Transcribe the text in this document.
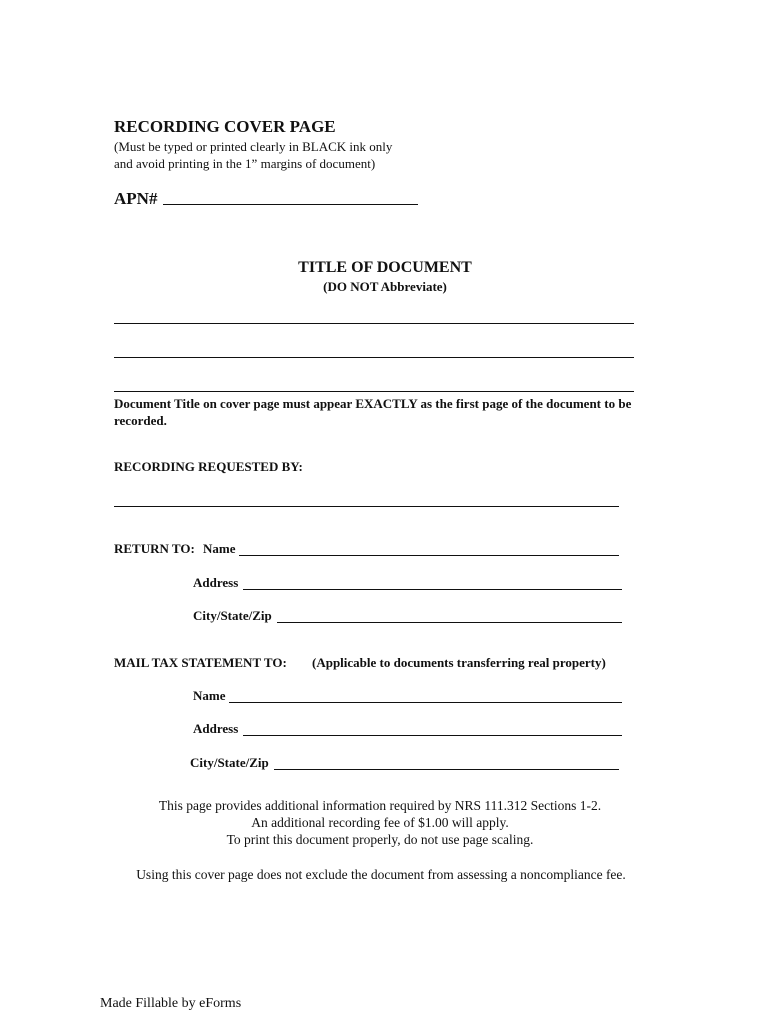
RECORDING COVER PAGE
(Must be typed or printed clearly in BLACK ink only
and avoid printing in the 1” margins of document)
APN#
TITLE OF DOCUMENT
(DO NOT Abbreviate)
Document Title on cover page must appear EXACTLY as the first page of the document to be recorded.
RECORDING REQUESTED BY:
RETURN TO: Name
Address
City/State/Zip
MAIL TAX STATEMENT TO: (Applicable to documents transferring real property)
Name
Address
City/State/Zip
This page provides additional information required by NRS 111.312 Sections 1-2.
An additional recording fee of $1.00 will apply.
To print this document properly, do not use page scaling.
Using this cover page does not exclude the document from assessing a noncompliance fee.
Made Fillable by eForms
